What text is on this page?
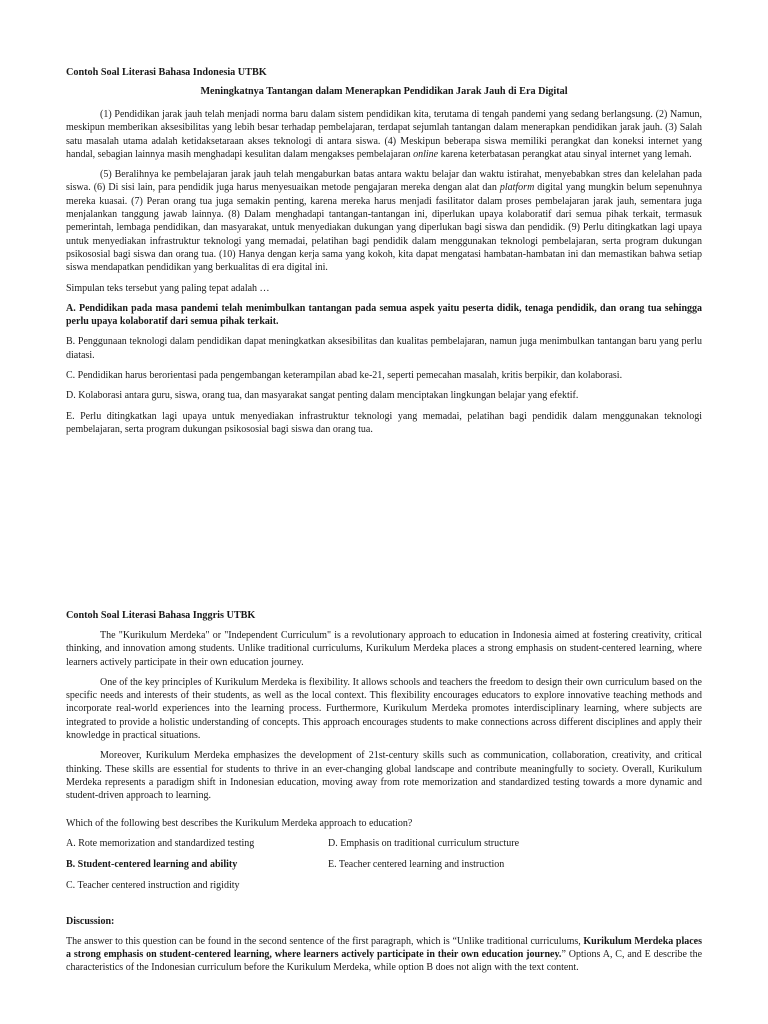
Contoh Soal Literasi Bahasa Indonesia UTBK

Meningkatnya Tantangan dalam Menerapkan Pendidikan Jarak Jauh di Era Digital

(1) Pendidikan jarak jauh telah menjadi norma baru dalam sistem pendidikan kita, terutama di tengah pandemi yang sedang berlangsung. (2) Namun, meskipun memberikan aksesibilitas yang lebih besar terhadap pembelajaran, terdapat sejumlah tantangan dalam menerapkan pendidikan jarak jauh. (3) Salah satu masalah utama adalah ketidaksetaraan akses teknologi di antara siswa. (4) Meskipun beberapa siswa memiliki perangkat dan koneksi internet yang handal, sebagian lainnya masih menghadapi kesulitan dalam mengakses pembelajaran online karena keterbatasan perangkat atau sinyal internet yang lemah.

(5) Beralihnya ke pembelajaran jarak jauh telah mengaburkan batas antara waktu belajar dan waktu istirahat, menyebabkan stres dan kelelahan pada siswa. (6) Di sisi lain, para pendidik juga harus menyesuaikan metode pengajaran mereka dengan alat dan platform digital yang mungkin belum sepenuhnya mereka kuasai. (7) Peran orang tua juga semakin penting, karena mereka harus menjadi fasilitator dalam proses pembelajaran jarak jauh, sementara juga menjalankan tanggung jawab lainnya. (8) Dalam menghadapi tantangan-tantangan ini, diperlukan upaya kolaboratif dari semua pihak terkait, termasuk pemerintah, lembaga pendidikan, dan masyarakat, untuk menyediakan dukungan yang diperlukan bagi siswa dan pendidik. (9) Perlu ditingkatkan lagi upaya untuk menyediakan infrastruktur teknologi yang memadai, pelatihan bagi pendidik dalam menggunakan teknologi pembelajaran, serta program dukungan psikososial bagi siswa dan orang tua. (10) Hanya dengan kerja sama yang kokoh, kita dapat mengatasi hambatan-hambatan ini dan memastikan bahwa setiap siswa mendapatkan pendidikan yang berkualitas di era digital ini.

Simpulan teks tersebut yang paling tepat adalah …

A. Pendidikan pada masa pandemi telah menimbulkan tantangan pada semua aspek yaitu peserta didik, tenaga pendidik, dan orang tua sehingga perlu upaya kolaboratif dari semua pihak terkait.

B. Penggunaan teknologi dalam pendidikan dapat meningkatkan aksesibilitas dan kualitas pembelajaran, namun juga menimbulkan tantangan baru yang perlu diatasi.

C. Pendidikan harus berorientasi pada pengembangan keterampilan abad ke-21, seperti pemecahan masalah, kritis berpikir, dan kolaborasi.

D. Kolaborasi antara guru, siswa, orang tua, dan masyarakat sangat penting dalam menciptakan lingkungan belajar yang efektif.

E. Perlu ditingkatkan lagi upaya untuk menyediakan infrastruktur teknologi yang memadai, pelatihan bagi pendidik dalam menggunakan teknologi pembelajaran, serta program dukungan psikososial bagi siswa dan orang tua.

Contoh Soal Literasi Bahasa Inggris UTBK

The "Kurikulum Merdeka" or "Independent Curriculum" is a revolutionary approach to education in Indonesia aimed at fostering creativity, critical thinking, and innovation among students. Unlike traditional curriculums, Kurikulum Merdeka places a strong emphasis on student-centered learning, where learners actively participate in their own education journey.

One of the key principles of Kurikulum Merdeka is flexibility. It allows schools and teachers the freedom to design their own curriculum based on the specific needs and interests of their students, as well as the local context. This flexibility encourages educators to explore innovative teaching methods and incorporate real-world experiences into the learning process. Furthermore, Kurikulum Merdeka promotes interdisciplinary learning, where subjects are integrated to provide a holistic understanding of concepts. This approach encourages students to make connections across different disciplines and apply their knowledge in practical situations.

Moreover, Kurikulum Merdeka emphasizes the development of 21st-century skills such as communication, collaboration, creativity, and critical thinking. These skills are essential for students to thrive in an ever-changing global landscape and contribute meaningfully to society. Overall, Kurikulum Merdeka represents a paradigm shift in Indonesian education, moving away from rote memorization and standardized testing towards a more dynamic and student-driven approach to learning.

Which of the following best describes the Kurikulum Merdeka approach to education?

A. Rote memorization and standardized testing	D. Emphasis on traditional curriculum structure
B. Student-centered learning and ability	E. Teacher centered learning and instruction
C. Teacher centered instruction and rigidity

Discussion:

The answer to this question can be found in the second sentence of the first paragraph, which is “Unlike traditional curriculums, Kurikulum Merdeka places a strong emphasis on student-centered learning, where learners actively participate in their own education journey.” Options A, C, and E describe the characteristics of the Indonesian curriculum before the Kurikulum Merdeka, while option B does not align with the text content.
